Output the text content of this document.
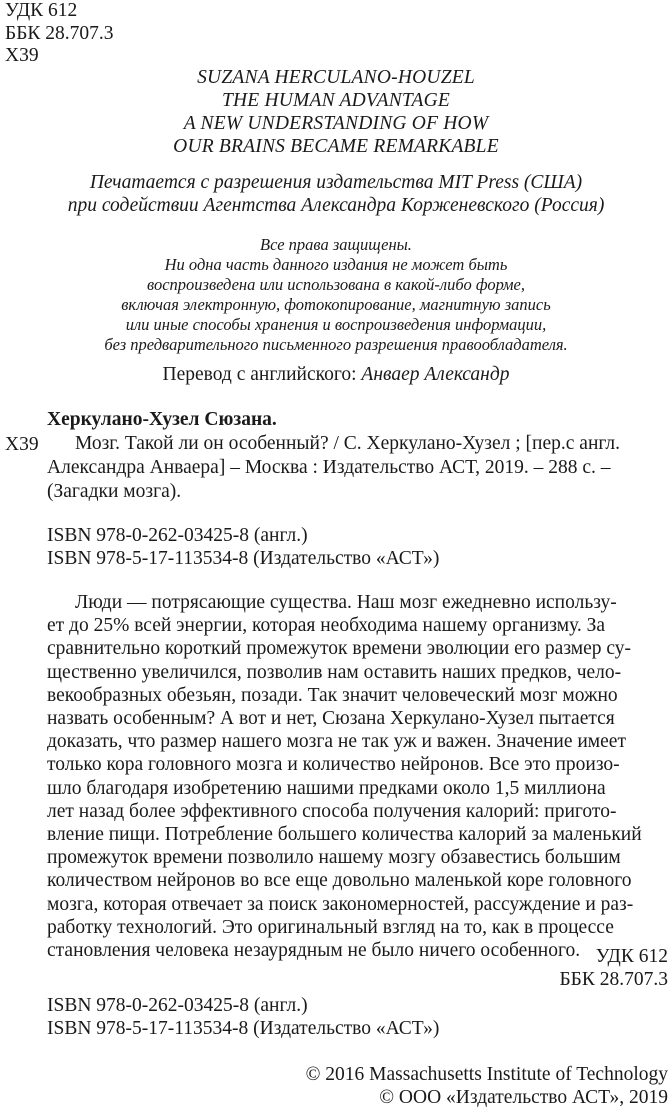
УДК 612
ББК 28.707.3
Х39
SUZANA HERCULANO-HOUZEL
THE HUMAN ADVANTAGE
A NEW UNDERSTANDING OF HOW
OUR BRAINS BECAME REMARKABLE
Печатается с разрешения издательства MIT Press (США)
при содействии Агентства Александра Корженевского (Россия)
Все права защищены.
Ни одна часть данного издания не может быть
воспроизведена или использована в какой-либо форме,
включая электронную, фотокопирование, магнитную запись
или иные способы хранения и воспроизведения информации,
без предварительного письменного разрешения правообладателя.
Перевод с английского: Анваер Александр
Херкулано-Хузел Сюзана.
Х39	Мозг. Такой ли он особенный? / С. Херкулано-Хузел ; [пер.с англ.
Александра Анваера] – Москва : Издательство АСТ, 2019. – 288 с. –
(Загадки мозга).
ISBN 978-0-262-03425-8 (англ.)
ISBN 978-5-17-113534-8 (Издательство «АСТ»)
Люди — потрясающие существа. Наш мозг ежедневно использу-
ет до 25% всей энергии, которая необходима нашему организму. За
сравнительно короткий промежуток времени эволюции его размер су-
щественно увеличился, позволив нам оставить наших предков, чело-
векообразных обезьян, позади. Так значит человеческий мозг можно
назвать особенным? А вот и нет, Сюзана Херкулано-Хузел пытается
доказать, что размер нашего мозга не так уж и важен. Значение имеет
только кора головного мозга и количество нейронов. Все это произо-
шло благодаря изобретению нашими предками около 1,5 миллиона
лет назад более эффективного способа получения калорий: пригото-
вление пищи. Потребление большего количества калорий за маленький
промежуток времени позволило нашему мозгу обзавестись большим
количеством нейронов во все еще довольно маленькой коре головного
мозга, которая отвечает за поиск закономерностей, рассуждение и раз-
работку технологий. Это оригинальный взгляд на то, как в процессе
становления человека незаурядным не было ничего особенного. УДК 612
ББК 28.707.3
ISBN 978-0-262-03425-8 (англ.)
ISBN 978-5-17-113534-8 (Издательство «АСТ»)
© 2016 Massachusetts Institute of Technology
© ООО «Издательство АСТ», 2019
